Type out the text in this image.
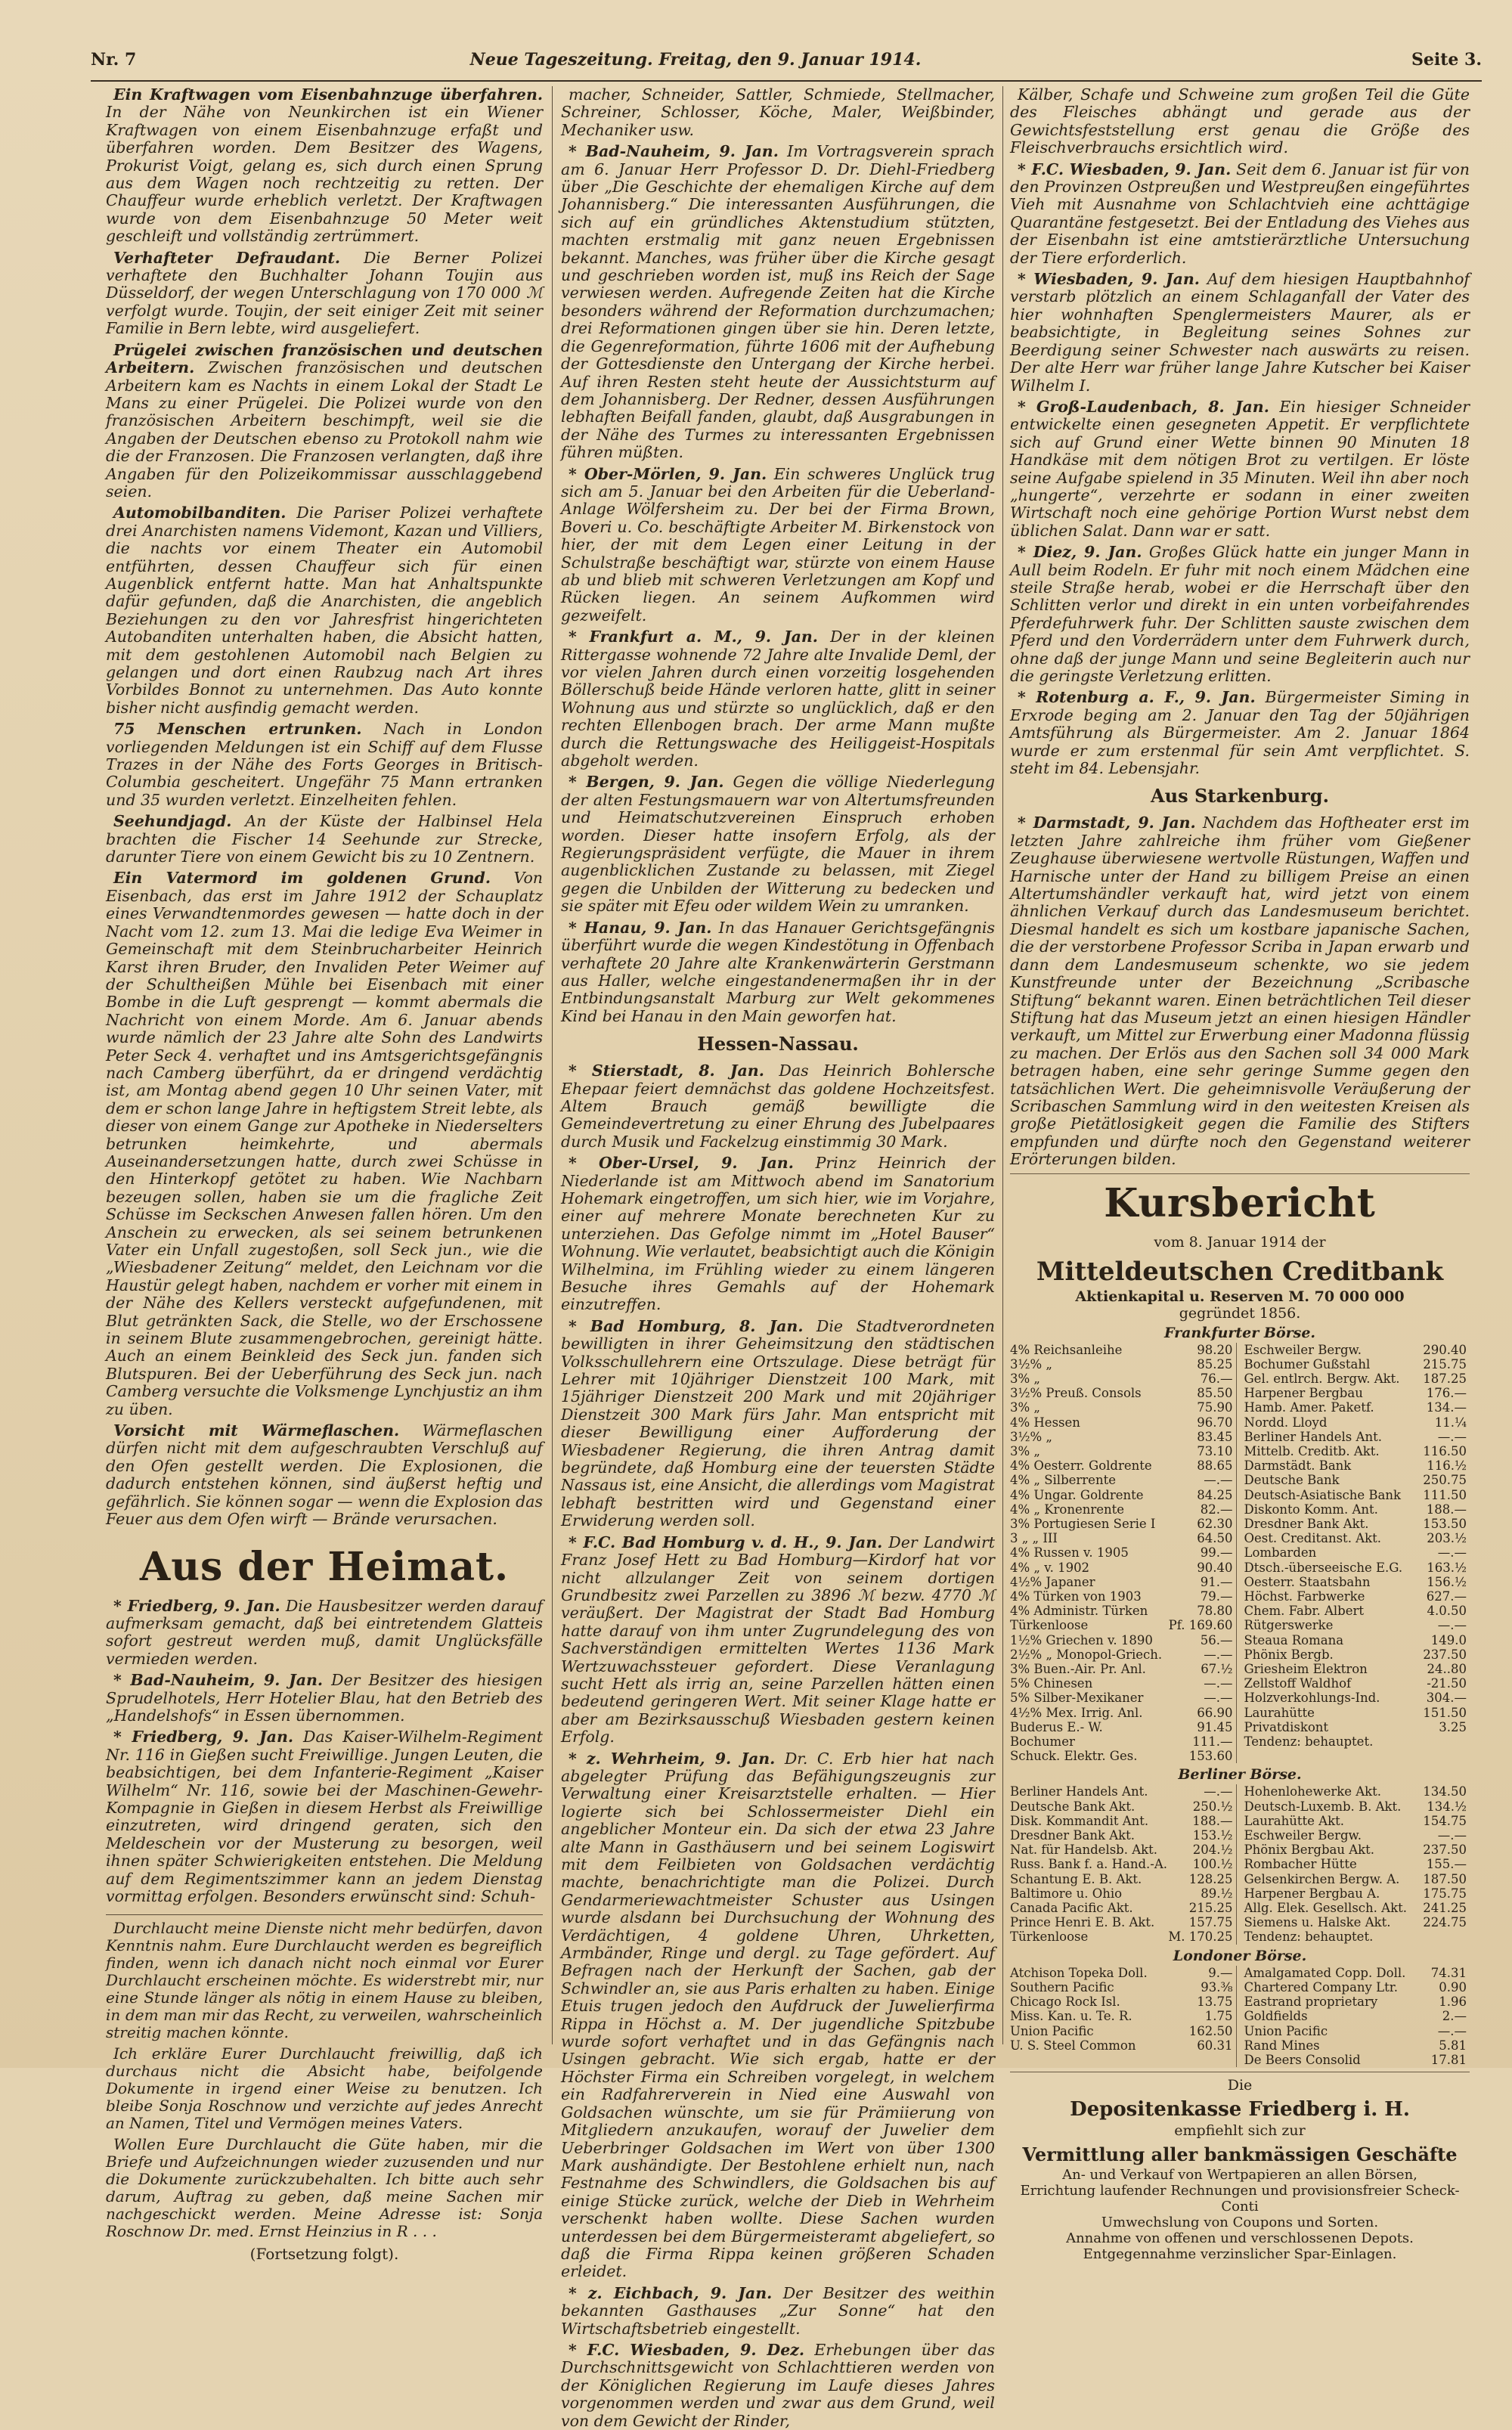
Nr. 7	Neue Tageszeitung. Freitag, den 9. Januar 1914.	Seite 3.

Ein Kraftwagen vom Eisenbahnzuge überfahren. In der Nähe von Neunkirchen ist ein Wiener Kraftwagen von einem Eisenbahnzuge erfaßt und überfahren worden. Dem Besitzer des Wagens, Prokurist Voigt, gelang es, sich durch einen Sprung aus dem Wagen noch rechtzeitig zu retten. Der Chauffeur wurde erheblich verletzt. Der Kraftwagen wurde von dem Eisenbahnzuge 50 Meter weit geschleift und vollständig zertrümmert.

Verhafteter Defraudant. Die Berner Polizei verhaftete den Buchhalter Johann Toujin aus Düsseldorf, der wegen Unterschlagung von 170 000 ℳ verfolgt wurde. Toujin, der seit einiger Zeit mit seiner Familie in Bern lebte, wird ausgeliefert.

Prügelei zwischen französischen und deutschen Arbeitern. Zwischen französischen und deutschen Arbeitern kam es Nachts in einem Lokal der Stadt Le Mans zu einer Prügelei. Die Polizei wurde von den französischen Arbeitern beschimpft, weil sie die Angaben der Deutschen ebenso zu Protokoll nahm wie die der Franzosen. Die Franzosen verlangten, daß ihre Angaben für den Polizeikommissar ausschlaggebend seien.

Automobilbanditen. Die Pariser Polizei verhaftete drei Anarchisten namens Videmont, Kazan und Villiers, die nachts vor einem Theater ein Automobil entführten, dessen Chauffeur sich für einen Augenblick entfernt hatte. Man hat Anhaltspunkte dafür gefunden, daß die Anarchisten, die angeblich Beziehungen zu den vor Jahresfrist hingerichteten Autobanditen unterhalten haben, die Absicht hatten, mit dem gestohlenen Automobil nach Belgien zu gelangen und dort einen Raubzug nach Art ihres Vorbildes Bonnot zu unternehmen. Das Auto konnte bisher nicht ausfindig gemacht werden.

75 Menschen ertrunken. Nach in London vorliegenden Meldungen ist ein Schiff auf dem Flusse Trazes in der Nähe des Forts Georges in Britisch-Columbia gescheitert. Ungefähr 75 Mann ertranken und 35 wurden verletzt. Einzelheiten fehlen.

Seehundjagd. An der Küste der Halbinsel Hela brachten die Fischer 14 Seehunde zur Strecke, darunter Tiere von einem Gewicht bis zu 10 Zentnern.

Ein Vatermord im goldenen Grund. Von Eisenbach, das erst im Jahre 1912 der Schauplatz eines Verwandtenmordes gewesen — hatte doch in der Nacht vom 12. zum 13. Mai die ledige Eva Weimer in Gemeinschaft mit dem Steinbrucharbeiter Heinrich Karst ihren Bruder, den Invaliden Peter Weimer auf der Schultheißen Mühle bei Eisenbach mit einer Bombe in die Luft gesprengt — kommt abermals die Nachricht von einem Morde. Am 6. Januar abends wurde nämlich der 23 Jahre alte Sohn des Landwirts Peter Seck 4. verhaftet und ins Amtsgerichtsgefängnis nach Camberg überführt, da er dringend verdächtig ist, am Montag abend gegen 10 Uhr seinen Vater, mit dem er schon lange Jahre in heftigstem Streit lebte, als dieser von einem Gange zur Apotheke in Niederselters betrunken heimkehrte, und abermals Auseinandersetzungen hatte, durch zwei Schüsse in den Hinterkopf getötet zu haben. Wie Nachbarn bezeugen sollen, haben sie um die fragliche Zeit Schüsse im Seckschen Anwesen fallen hören. Um den Anschein zu erwecken, als sei seinem betrunkenen Vater ein Unfall zugestoßen, soll Seck jun., wie die „Wiesbadener Zeitung“ meldet, den Leichnam vor die Haustür gelegt haben, nachdem er vorher mit einem in der Nähe des Kellers versteckt aufgefundenen, mit Blut getränkten Sack, die Stelle, wo der Erschossene in seinem Blute zusammengebrochen, gereinigt hätte. Auch an einem Beinkleid des Seck jun. fanden sich Blutspuren. Bei der Ueberführung des Seck jun. nach Camberg versuchte die Volksmenge Lynchjustiz an ihm zu üben.

Vorsicht mit Wärmeflaschen. Wärmeflaschen dürfen nicht mit dem aufgeschraubten Verschluß auf den Ofen gestellt werden. Die Explosionen, die dadurch entstehen können, sind äußerst heftig und gefährlich. Sie können sogar — wenn die Explosion das Feuer aus dem Ofen wirft — Brände verursachen.

Aus der Heimat.

* Friedberg, 9. Jan. Die Hausbesitzer werden darauf aufmerksam gemacht, daß bei eintretendem Glatteis sofort gestreut werden muß, damit Unglücksfälle vermieden werden.

* Bad-Nauheim, 9. Jan. Der Besitzer des hiesigen Sprudelhotels, Herr Hotelier Blau, hat den Betrieb des „Handelshofs“ in Essen übernommen.

* Friedberg, 9. Jan. Das Kaiser-Wilhelm-Regiment Nr. 116 in Gießen sucht Freiwillige. Jungen Leuten, die beabsichtigen, bei dem Infanterie-Regiment „Kaiser Wilhelm“ Nr. 116, sowie bei der Maschinen-Gewehr-Kompagnie in Gießen in diesem Herbst als Freiwillige einzutreten, wird dringend geraten, sich den Meldeschein vor der Musterung zu besorgen, weil ihnen später Schwierigkeiten entstehen. Die Meldung auf dem Regimentszimmer kann an jedem Dienstag vormittag erfolgen. Besonders erwünscht sind: Schuh-

Durchlaucht meine Dienste nicht mehr bedürfen, davon Kenntnis nahm. Eure Durchlaucht werden es begreiflich finden, wenn ich danach nicht noch einmal vor Eurer Durchlaucht erscheinen möchte. Es widerstrebt mir, nur eine Stunde länger als nötig in einem Hause zu bleiben, in dem man mir das Recht, zu verweilen, wahrscheinlich streitig machen könnte.

Ich erkläre Eurer Durchlaucht freiwillig, daß ich durchaus nicht die Absicht habe, beifolgende Dokumente in irgend einer Weise zu benutzen. Ich bleibe Sonja Roschnow und verzichte auf jedes Anrecht an Namen, Titel und Vermögen meines Vaters.

Wollen Eure Durchlaucht die Güte haben, mir die Briefe und Aufzeichnungen wieder zuzusenden und nur die Dokumente zurückzubehalten. Ich bitte auch sehr darum, Auftrag zu geben, daß meine Sachen mir nachgeschickt werden. Meine Adresse ist: Sonja Roschnow Dr. med. Ernst Heinzius in R . . .

(Fortsetzung folgt).

macher, Schneider, Sattler, Schmiede, Stellmacher, Schreiner, Schlosser, Köche, Maler, Weißbinder, Mechaniker usw.

* Bad-Nauheim, 9. Jan. Im Vortragsverein sprach am 6. Januar Herr Professor D. Dr. Diehl-Friedberg über „Die Geschichte der ehemaligen Kirche auf dem Johannisberg.“ Die interessanten Ausführungen, die sich auf ein gründliches Aktenstudium stützten, machten erstmalig mit ganz neuen Ergebnissen bekannt. Manches, was früher über die Kirche gesagt und geschrieben worden ist, muß ins Reich der Sage verwiesen werden. Aufregende Zeiten hat die Kirche besonders während der Reformation durchzumachen; drei Reformationen gingen über sie hin. Deren letzte, die Gegenreformation, führte 1606 mit der Aufhebung der Gottesdienste den Untergang der Kirche herbei. Auf ihren Resten steht heute der Aussichtsturm auf dem Johannisberg. Der Redner, dessen Ausführungen lebhaften Beifall fanden, glaubt, daß Ausgrabungen in der Nähe des Turmes zu interessanten Ergebnissen führen müßten.

* Ober-Mörlen, 9. Jan. Ein schweres Unglück trug sich am 5. Januar bei den Arbeiten für die Ueberland-Anlage Wölfersheim zu. Der bei der Firma Brown, Boveri u. Co. beschäftigte Arbeiter M. Birkenstock von hier, der mit dem Legen einer Leitung in der Schulstraße beschäftigt war, stürzte von einem Hause ab und blieb mit schweren Verletzungen am Kopf und Rücken liegen. An seinem Aufkommen wird gezweifelt.

* Frankfurt a. M., 9. Jan. Der in der kleinen Rittergasse wohnende 72 Jahre alte Invalide Deml, der vor vielen Jahren durch einen vorzeitig losgehenden Böllerschuß beide Hände verloren hatte, glitt in seiner Wohnung aus und stürzte so unglücklich, daß er den rechten Ellenbogen brach. Der arme Mann mußte durch die Rettungswache des Heiliggeist-Hospitals abgeholt werden.

* Bergen, 9. Jan. Gegen die völlige Niederlegung der alten Festungsmauern war von Altertumsfreunden und Heimatschutzvereinen Einspruch erhoben worden. Dieser hatte insofern Erfolg, als der Regierungspräsident verfügte, die Mauer in ihrem augenblicklichen Zustande zu belassen, mit Ziegel gegen die Unbilden der Witterung zu bedecken und sie später mit Efeu oder wildem Wein zu umranken.

* Hanau, 9. Jan. In das Hanauer Gerichtsgefängnis überführt wurde die wegen Kindestötung in Offenbach verhaftete 20 Jahre alte Krankenwärterin Gerstmann aus Haller, welche eingestandenermaßen ihr in der Entbindungsanstalt Marburg zur Welt gekommenes Kind bei Hanau in den Main geworfen hat.

Hessen-Nassau.

* Stierstadt, 8. Jan. Das Heinrich Bohlersche Ehepaar feiert demnächst das goldene Hochzeitsfest. Altem Brauch gemäß bewilligte die Gemeindevertretung zu einer Ehrung des Jubelpaares durch Musik und Fackelzug einstimmig 30 Mark.

* Ober-Ursel, 9. Jan. Prinz Heinrich der Niederlande ist am Mittwoch abend im Sanatorium Hohemark eingetroffen, um sich hier, wie im Vorjahre, einer auf mehrere Monate berechneten Kur zu unterziehen. Das Gefolge nimmt im „Hotel Bauser“ Wohnung. Wie verlautet, beabsichtigt auch die Königin Wilhelmina, im Frühling wieder zu einem längeren Besuche ihres Gemahls auf der Hohemark einzutreffen.

* Bad Homburg, 8. Jan. Die Stadtverordneten bewilligten in ihrer Geheimsitzung den städtischen Volksschullehrern eine Ortszulage. Diese beträgt für Lehrer mit 10jähriger Dienstzeit 100 Mark, mit 15jähriger Dienstzeit 200 Mark und mit 20jähriger Dienstzeit 300 Mark fürs Jahr. Man entspricht mit dieser Bewilligung einer Aufforderung der Wiesbadener Regierung, die ihren Antrag damit begründete, daß Homburg eine der teuersten Städte Nassaus ist, eine Ansicht, die allerdings vom Magistrat lebhaft bestritten wird und Gegenstand einer Erwiderung werden soll.

* F.C. Bad Homburg v. d. H., 9. Jan. Der Landwirt Franz Josef Hett zu Bad Homburg—Kirdorf hat vor nicht allzulanger Zeit von seinem dortigen Grundbesitz zwei Parzellen zu 3896 ℳ bezw. 4770 ℳ veräußert. Der Magistrat der Stadt Bad Homburg hatte darauf von ihm unter Zugrundelegung des von Sachverständigen ermittelten Wertes 1136 Mark Wertzuwachssteuer gefordert. Diese Veranlagung sucht Hett als irrig an, seine Parzellen hätten einen bedeutend geringeren Wert. Mit seiner Klage hatte er aber am Bezirksausschuß Wiesbaden gestern keinen Erfolg.

* z. Wehrheim, 9. Jan. Dr. C. Erb hier hat nach abgelegter Prüfung das Befähigungszeugnis zur Verwaltung einer Kreisarztstelle erhalten. — Hier logierte sich bei Schlossermeister Diehl ein angeblicher Monteur ein. Da sich der etwa 23 Jahre alte Mann in Gasthäusern und bei seinem Logiswirt mit dem Feilbieten von Goldsachen verdächtig machte, benachrichtigte man die Polizei. Durch Gendarmeriewachtmeister Schuster aus Usingen wurde alsdann bei Durchsuchung der Wohnung des Verdächtigen, 4 goldene Uhren, Uhrketten, Armbänder, Ringe und dergl. zu Tage gefördert. Auf Befragen nach der Herkunft der Sachen, gab der Schwindler an, sie aus Paris erhalten zu haben. Einige Etuis trugen jedoch den Aufdruck der Juwelierfirma Rippa in Höchst a. M. Der jugendliche Spitzbube wurde sofort verhaftet und in das Gefängnis nach Usingen gebracht. Wie sich ergab, hatte er der Höchster Firma ein Schreiben vorgelegt, in welchem ein Radfahrerverein in Nied eine Auswahl von Goldsachen wünschte, um sie für Prämiierung von Mitgliedern anzukaufen, worauf der Juwelier dem Ueberbringer Goldsachen im Wert von über 1300 Mark aushändigte. Der Bestohlene erhielt nun, nach Festnahme des Schwindlers, die Goldsachen bis auf einige Stücke zurück, welche der Dieb in Wehrheim verschenkt haben wollte. Diese Sachen wurden unterdessen bei dem Bürgermeisteramt abgeliefert, so daß die Firma Rippa keinen größeren Schaden erleidet.

* z. Eichbach, 9. Jan. Der Besitzer des weithin bekannten Gasthauses „Zur Sonne“ hat den Wirtschaftsbetrieb eingestellt.

* F.C. Wiesbaden, 9. Dez. Erhebungen über das Durchschnittsgewicht von Schlachttieren werden von der Königlichen Regierung im Laufe dieses Jahres vorgenommen werden und zwar aus dem Grund, weil von dem Gewicht der Rinder,

Kälber, Schafe und Schweine zum großen Teil die Güte des Fleisches abhängt und gerade aus der Gewichtsfeststellung erst genau die Größe des Fleischverbrauchs ersichtlich wird.

* F.C. Wiesbaden, 9. Jan. Seit dem 6. Januar ist für von den Provinzen Ostpreußen und Westpreußen eingeführtes Vieh mit Ausnahme von Schlachtvieh eine achttägige Quarantäne festgesetzt. Bei der Entladung des Viehes aus der Eisenbahn ist eine amtstierärztliche Untersuchung der Tiere erforderlich.

* Wiesbaden, 9. Jan. Auf dem hiesigen Hauptbahnhof verstarb plötzlich an einem Schlaganfall der Vater des hier wohnhaften Spenglermeisters Maurer, als er beabsichtigte, in Begleitung seines Sohnes zur Beerdigung seiner Schwester nach auswärts zu reisen. Der alte Herr war früher lange Jahre Kutscher bei Kaiser Wilhelm I.

* Groß-Laudenbach, 8. Jan. Ein hiesiger Schneider entwickelte einen gesegneten Appetit. Er verpflichtete sich auf Grund einer Wette binnen 90 Minuten 18 Handkäse mit dem nötigen Brot zu vertilgen. Er löste seine Aufgabe spielend in 35 Minuten. Weil ihn aber noch „hungerte“, verzehrte er sodann in einer zweiten Wirtschaft noch eine gehörige Portion Wurst nebst dem üblichen Salat. Dann war er satt.

* Diez, 9. Jan. Großes Glück hatte ein junger Mann in Aull beim Rodeln. Er fuhr mit noch einem Mädchen eine steile Straße herab, wobei er die Herrschaft über den Schlitten verlor und direkt in ein unten vorbeifahrendes Pferdefuhrwerk fuhr. Der Schlitten sauste zwischen dem Pferd und den Vorderrädern unter dem Fuhrwerk durch, ohne daß der junge Mann und seine Begleiterin auch nur die geringste Verletzung erlitten.

* Rotenburg a. F., 9. Jan. Bürgermeister Siming in Erxrode beging am 2. Januar den Tag der 50jährigen Amtsführung als Bürgermeister. Am 2. Januar 1864 wurde er zum erstenmal für sein Amt verpflichtet. S. steht im 84. Lebensjahr.

Aus Starkenburg.

* Darmstadt, 9. Jan. Nachdem das Hoftheater erst im letzten Jahre zahlreiche ihm früher vom Gießener Zeughause überwiesene wertvolle Rüstungen, Waffen und Harnische unter der Hand zu billigem Preise an einen Altertumshändler verkauft hat, wird jetzt von einem ähnlichen Verkauf durch das Landesmuseum berichtet. Diesmal handelt es sich um kostbare japanische Sachen, die der verstorbene Professor Scriba in Japan erwarb und dann dem Landesmuseum schenkte, wo sie jedem Kunstfreunde unter der Bezeichnung „Scribasche Stiftung“ bekannt waren. Einen beträchtlichen Teil dieser Stiftung hat das Museum jetzt an einen hiesigen Händler verkauft, um Mittel zur Erwerbung einer Madonna flüssig zu machen. Der Erlös aus den Sachen soll 34 000 Mark betragen haben, eine sehr geringe Summe gegen den tatsächlichen Wert. Die geheimnisvolle Veräußerung der Scribaschen Sammlung wird in den weitesten Kreisen als große Pietätlosigkeit gegen die Familie des Stifters empfunden und dürfte noch den Gegenstand weiterer Erörterungen bilden.

Kursbericht

vom 8. Januar 1914 der

Mitteldeutschen Creditbank

Aktienkapital u. Reserven M. 70 000 000

gegründet 1856.

Frankfurter Börse.
4% Reichsanleihe	98.20
3½% „	85.25
3% „	76.—
3½% Preuß. Consols	85.50
3% „	75.90
4% Hessen	96.70
3½% „	83.45
3% „	73.10
4% Oesterr. Goldrente	88.65
4% „ Silberrente	—.—
4% Ungar. Goldrente	84.25
4% „ Kronenrente	82.—
3% Portugiesen Serie I	62.30
3 „ „ III	64.50
4% Russen v. 1905	99.—
4% „ v. 1902	90.40
4½% Japaner	91.—
4% Türken von 1903	79.—
4% Administr. Türken	78.80
Türkenloose	Pf. 169.60
1½% Griechen v. 1890	56.—
2½% „ Monopol-Griech.	—.—
3% Buen.-Air. Pr. Anl.	67.½
5% Chinesen	—.—
5% Silber-Mexikaner	—.—
4½% Mex. Irrig. Anl.	66.90
Buderus E.- W.	91.45
Bochumer	111.—
Schuck. Elektr. Ges.	153.60
Eschweiler Bergw.	290.40
Bochumer Gußstahl	215.75
Gel. entlrch. Bergw. Akt. 187.25
Harpener Bergbau	176.—
Hamb. Amer. Paketf.	134.—
Nordd. Lloyd	11.¼
Berliner Handels Ant.	—.—
Mittelb. Creditb. Akt.	116.50
Darmstädt. Bank	116.½
Deutsche Bank	250.75
Deutsch-Asiatische Bank 111.50
Diskonto Komm. Ant.	188.—
Dresdner Bank Akt.	153.50
Oest. Creditanst. Akt.	203.½
Lombarden	—.—
Dtsch.-überseeische E.G. 163.½
Oesterr. Staatsbahn	156.½
Höchst. Farbwerke	627.—
Chem. Fabr. Albert	4.0.50
Rütgerswerke	—.—
Steaua Romana	149.0
Phönix Bergb.	237.50
Griesheim Elektron	24..80
Zellstoff Waldhof	-21.50
Holzverkohlungs-Ind.	304.—
Laurahütte	151.50
Privatdiskont	3.25
Tendenz: behauptet.
Berliner Börse.
Berliner Handels Ant.	—.—
Deutsche Bank Akt.	250.½
Disk. Kommandit Ant.	188.—
Dresdner Bank Akt.	153.½
Nat. für Handelsb. Akt.	204.½
Russ. Bank f. a. Hand.-A. 100.½
Schantung E. B. Akt.	128.25
Baltimore u. Ohio	89.½
Canada Pacific Akt.	215.25
Prince Henri E. B. Akt.	157.75
Türkenloose	M. 170.25
Hohenlohewerke Akt.	134.50
Deutsch-Luxemb. B. Akt. 134.½
Laurahütte Akt.	154.75
Eschweiler Bergw.	—.—
Phönix Bergbau Akt.	237.50
Rombacher Hütte	155.—
Gelsenkirchen Bergw. A. 187.50
Harpener Bergbau A.	175.75
Allg. Elek. Gesellsch. Akt. 241.25
Siemens u. Halske Akt.	224.75
Tendenz: behauptet.
Londoner Börse.
Atchison Topeka Doll.	9.—
Southern Pacific	93.⅜
Chicago Rock Isl.	13.75
Miss. Kan. u. Te. R.	1.75
Union Pacific	162.50
U. S. Steel Common	60.31
Amalgamated Copp. Doll. 74.31
Chartered Company Ltr.	0.90
Eastrand proprietary	1.96
Goldfields	2.—
Union Pacific	—.—
Rand Mines	5.81
De Beers Consolid	17.81

Die

Depositenkasse Friedberg i. H.

empfiehlt sich zur

Vermittlung aller bankmässigen Geschäfte

An- und Verkauf von Wertpapieren an allen Börsen,

Errichtung laufender Rechnungen und provisionsfreier Scheck-Conti

Umwechslung von Coupons und Sorten.

Annahme von offenen und verschlossenen Depots.

Entgegennahme verzinslicher Spar-Einlagen.
